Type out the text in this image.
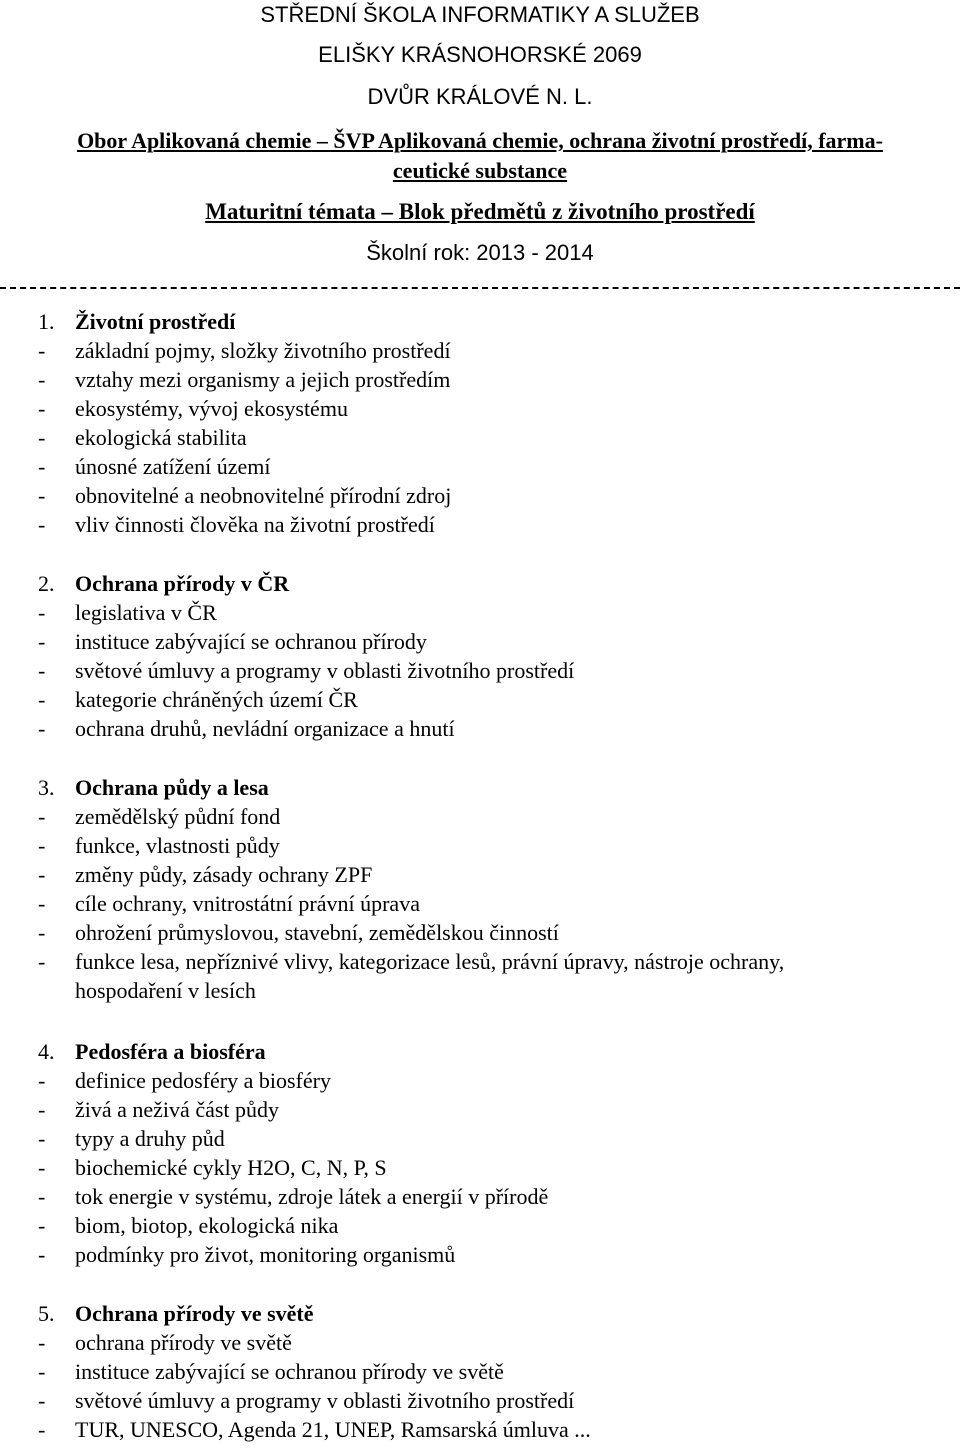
STŘEDNÍ ŠKOLA INFORMATIKY A SLUŽEB
ELIŠKY KRÁSNOHORSKÉ 2069
DVŮR KRÁLOVÉ N. L.
Obor Aplikovaná chemie – ŠVP Aplikovaná chemie, ochrana životní prostředí, farma-
ceutické substance
Maturitní témata – Blok předmětů z životního prostředí
Školní rok: 2013 - 2014
1. Životní prostředí
- základní pojmy, složky životního prostředí
- vztahy mezi organismy a jejich prostředím
- ekosystémy, vývoj ekosystému
- ekologická stabilita
- únosné zatížení území
- obnovitelné a neobnovitelné přírodní zdroj
- vliv činnosti člověka na životní prostředí
2. Ochrana přírody v ČR
- legislativa v ČR
- instituce zabývající se ochranou přírody
- světové úmluvy a programy v oblasti životního prostředí
- kategorie chráněných území ČR
- ochrana druhů, nevládní organizace a hnutí
3. Ochrana půdy a lesa
- zemědělský půdní fond
- funkce, vlastnosti půdy
- změny půdy, zásady ochrany ZPF
- cíle ochrany, vnitrostátní právní úprava
- ohrožení průmyslovou, stavební, zemědělskou činností
- funkce lesa, nepříznivé vlivy, kategorizace lesů, právní úpravy, nástroje ochrany,
hospodaření v lesích
4. Pedosféra a biosféra
- definice pedosféry a biosféry
- živá a neživá část půdy
- typy a druhy půd
- biochemické cykly H2O, C, N, P, S
- tok energie v systému, zdroje látek a energií v přírodě
- biom, biotop, ekologická nika
- podmínky pro život, monitoring organismů
5. Ochrana přírody ve světě
- ochrana přírody ve světě
- instituce zabývající se ochranou přírody ve světě
- světové úmluvy a programy v oblasti životního prostředí
- TUR, UNESCO, Agenda 21, UNEP, Ramsarská úmluva ...
